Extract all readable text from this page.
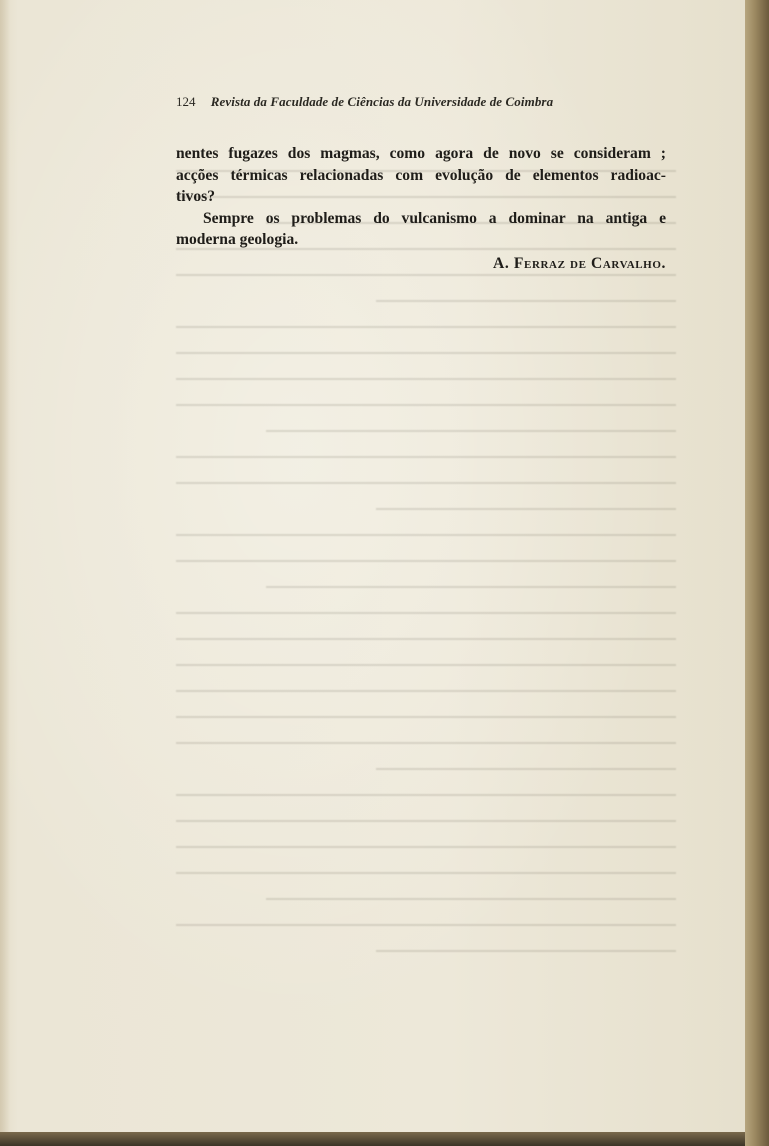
124 Revista da Faculdade de Ciências da Universidade de Coimbra
nentes fugazes dos magmas, como agora de novo se consideram ;
acções térmicas relacionadas com evolução de elementos radioac-
tivos?
Sempre os problemas do vulcanismo a dominar na antiga e
moderna geologia.
A. Ferraz de Carvalho.
